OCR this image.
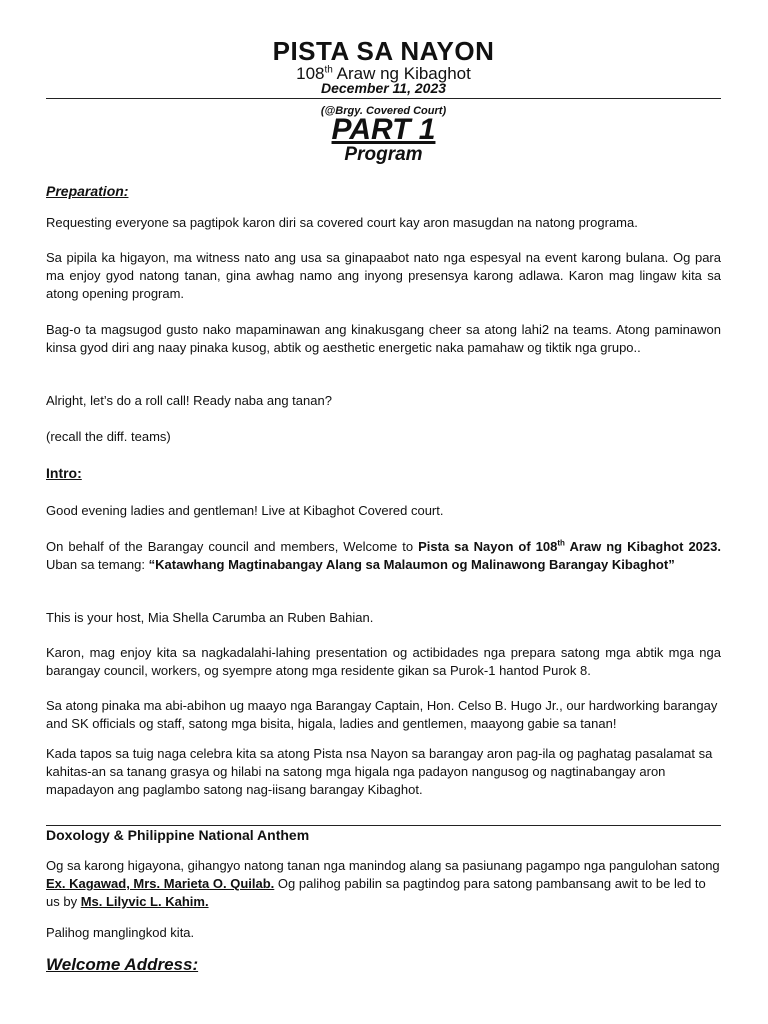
PISTA SA NAYON
108th Araw ng Kibaghot
December 11, 2023
(@Brgy. Covered Court)
PART 1
Program
Preparation:

Requesting everyone sa pagtipok karon diri sa covered court kay aron masugdan na natong programa.

Sa pipila ka higayon, ma witness nato ang usa sa ginapaabot nato nga espesyal na event karong bulana. Og para ma enjoy gyod natong tanan, gina awhag namo ang inyong presensya karong adlawa. Karon mag lingaw kita sa atong opening program.

Bag-o ta magsugod gusto nako mapaminawan ang kinakusgang cheer sa atong lahi2 na teams. Atong paminawon kinsa gyod diri ang naay pinaka kusog, abtik og aesthetic energetic naka pamahaw og tiktik nga grupo..

Alright, let’s do a roll call! Ready naba ang tanan?

(recall the diff. teams)

Intro:

Good evening ladies and gentleman! Live at Kibaghot Covered court.

On behalf of the Barangay council and members, Welcome to Pista sa Nayon of 108th Araw ng Kibaghot 2023. Uban sa temang: “Katawhang Magtinabangay Alang sa Malaumon og Malinawong Barangay Kibaghot”

This is your host, Mia Shella Carumba an Ruben Bahian.

Karon, mag enjoy kita sa nagkadalahi-lahing presentation og actibidades nga prepara satong mga abtik mga nga barangay council, workers, og syempre atong mga residente gikan sa Purok-1 hantod Purok 8.

Sa atong pinaka ma abi-abihon ug maayo nga Barangay Captain, Hon. Celso B. Hugo Jr., our hardworking barangay and SK officials og staff, satong mga bisita, higala, ladies and gentlemen, maayong gabie sa tanan!

Kada tapos sa tuig naga celebra kita sa atong Pista nsa Nayon sa barangay aron pag-ila og paghatag pasalamat sa kahitas-an sa tanang grasya og hilabi na satong mga higala nga padayon nangusog og nagtinabangay aron mapadayon ang paglambo satong nag-iisang barangay Kibaghot.

Doxology & Philippine National Anthem

Og sa karong higayona, gihangyo natong tanan nga manindog alang sa pasiunang pagampo nga pangulohan satong Ex. Kagawad, Mrs. Marieta O. Quilab. Og palihog pabilin sa pagtindog para satong pambansang awit to be led to us by Ms. Lilyvic L. Kahim.

Palihog manglingkod kita.

Welcome Address:
